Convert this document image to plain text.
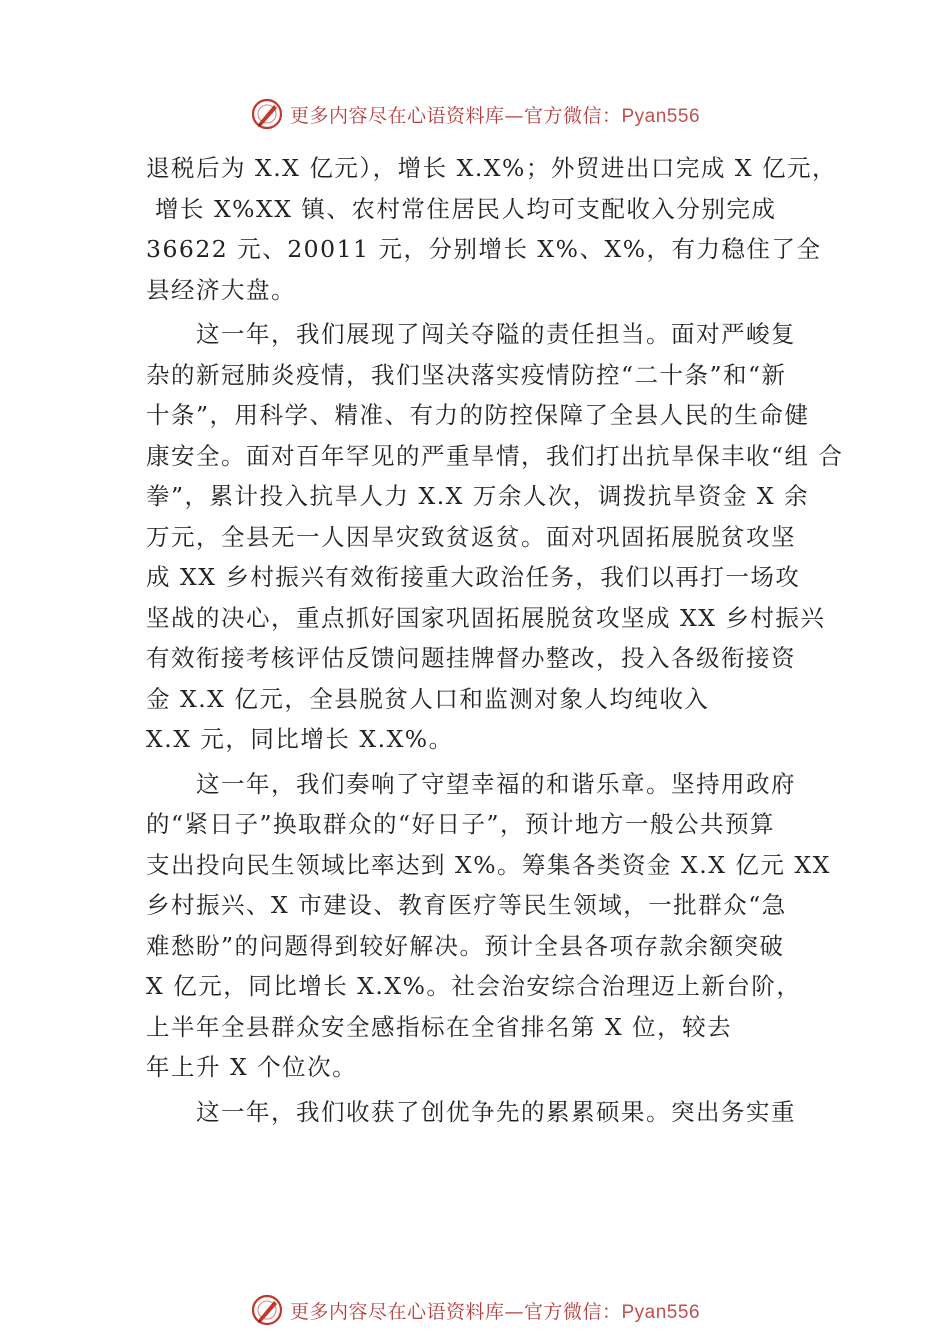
更多内容尽在心语资料库—官方微信：Pyan556

退税后为 X.X 亿元），增长 X.X%；外贸进出口完成 X 亿元，
增长 X%XX 镇、农村常住居民人均可支配收入分别完成
36622 元、20011 元，分别增长 X%、X%，有力稳住了全
县经济大盘。

这一年，我们展现了闯关夺隘的责任担当。面对严峻复
杂的新冠肺炎疫情，我们坚决落实疫情防控“二十条”和“新
十条”，用科学、精准、有力的防控保障了全县人民的生命健
康安全。面对百年罕见的严重旱情，我们打出抗旱保丰收“组 合
拳”，累计投入抗旱人力 X.X 万余人次，调拨抗旱资金 X 余
万元，全县无一人因旱灾致贫返贫。面对巩固拓展脱贫攻坚
成 XX 乡村振兴有效衔接重大政治任务，我们以再打一场攻
坚战的决心，重点抓好国家巩固拓展脱贫攻坚成 XX 乡村振兴
有效衔接考核评估反馈问题挂牌督办整改，投入各级衔接资
金 X.X 亿元，全县脱贫人口和监测对象人均纯收入
X.X 元，同比增长 X.X%。

这一年，我们奏响了守望幸福的和谐乐章。坚持用政府
的“紧日子”换取群众的“好日子”，预计地方一般公共预算
支出投向民生领域比率达到 X%。筹集各类资金 X.X 亿元 XX
乡村振兴、X 市建设、教育医疗等民生领域，一批群众“急
难愁盼”的问题得到较好解决。预计全县各项存款余额突破
X 亿元，同比增长 X.X%。社会治安综合治理迈上新台阶，
上半年全县群众安全感指标在全省排名第 X 位，较去
年上升 X 个位次。

这一年，我们收获了创优争先的累累硕果。突出务实重

更多内容尽在心语资料库—官方微信：Pyan556
